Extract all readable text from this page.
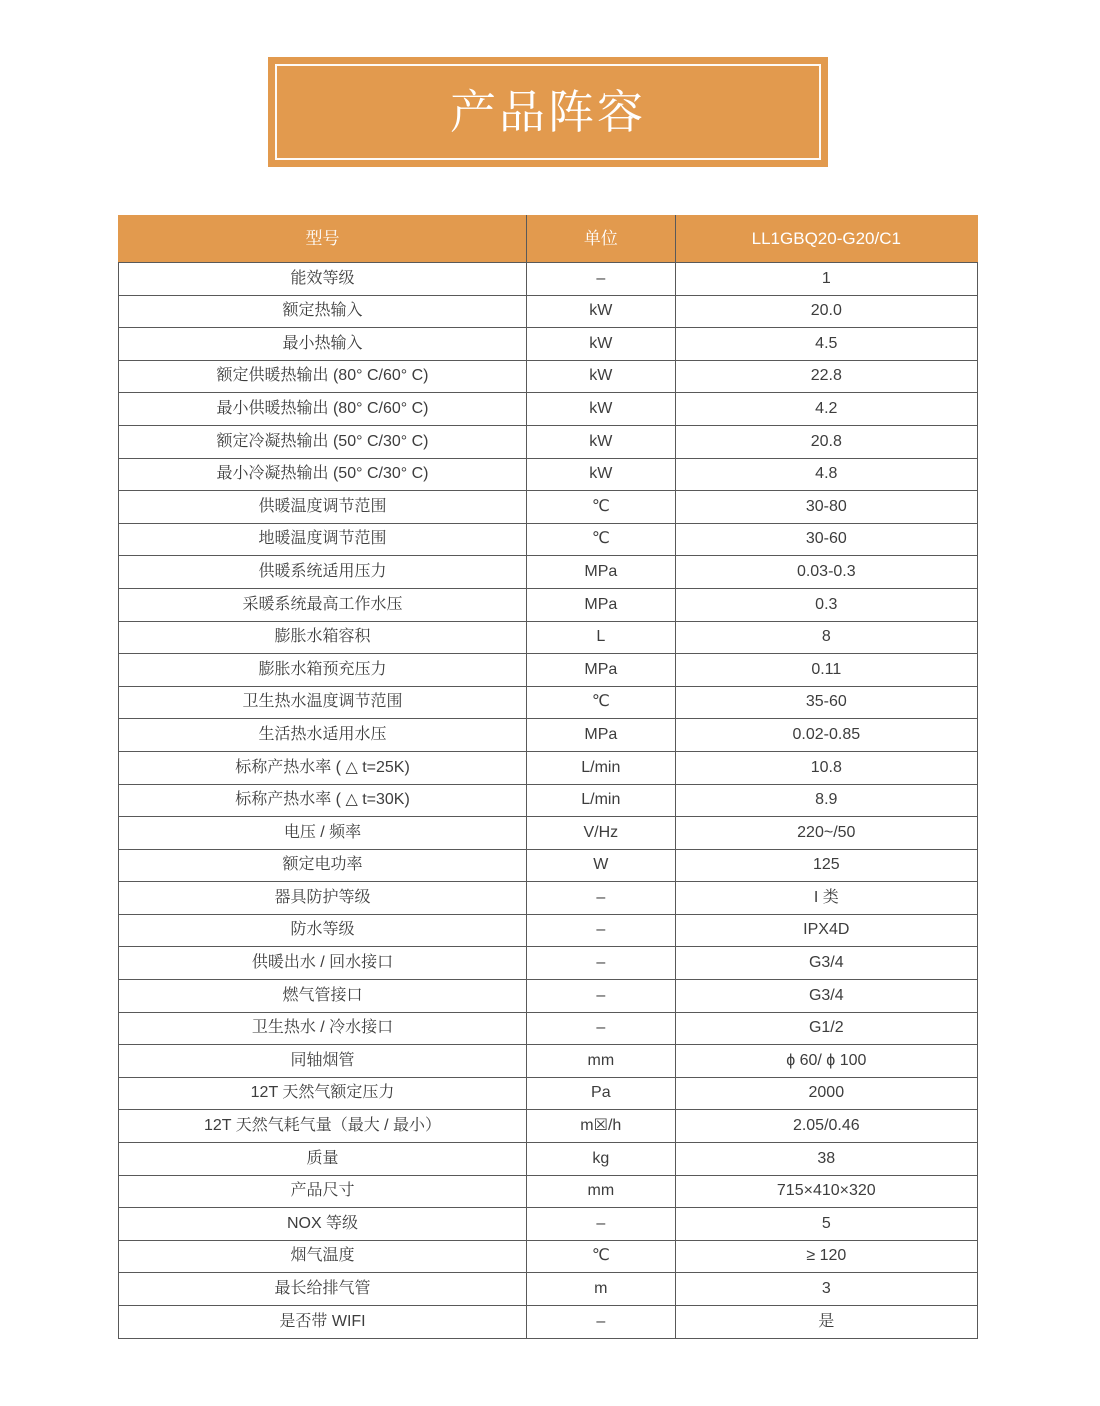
产品阵容
型号	单位	LL1GBQ20-G20/C1
能效等级	–	1
额定热输入	kW	20.0
最小热输入	kW	4.5
额定供暖热输出 (80° C/60° C)	kW	22.8
最小供暖热输出 (80° C/60° C)	kW	4.2
额定冷凝热输出 (50° C/30° C)	kW	20.8
最小冷凝热输出 (50° C/30° C)	kW	4.8
供暖温度调节范围	℃	30-80
地暖温度调节范围	℃	30-60
供暖系统适用压力	MPa	0.03-0.3
采暖系统最高工作水压	MPa	0.3
膨胀水箱容积	L	8
膨胀水箱预充压力	MPa	0.11
卫生热水温度调节范围	℃	35-60
生活热水适用水压	MPa	0.02-0.85
标称产热水率 ( △ t=25K)	L/min	10.8
标称产热水率 ( △ t=30K)	L/min	8.9
电压 / 频率	V/Hz	220~/50
额定电功率	W	125
器具防护等级	–	I 类
防水等级	–	IPX4D
供暖出水 / 回水接口	–	G3/4
燃气管接口	–	G3/4
卫生热水 / 冷水接口	–	G1/2
同轴烟管	mm	ϕ 60/ ϕ 100
12T 天然气额定压力	Pa	2000
12T 天然气耗气量（最大 / 最小）	m☒/h	2.05/0.46
质量	kg	38
产品尺寸	mm	715×410×320
NOX 等级	–	5
烟气温度	℃	≥ 120
最长给排气管	m	3
是否带 WIFI	–	是
